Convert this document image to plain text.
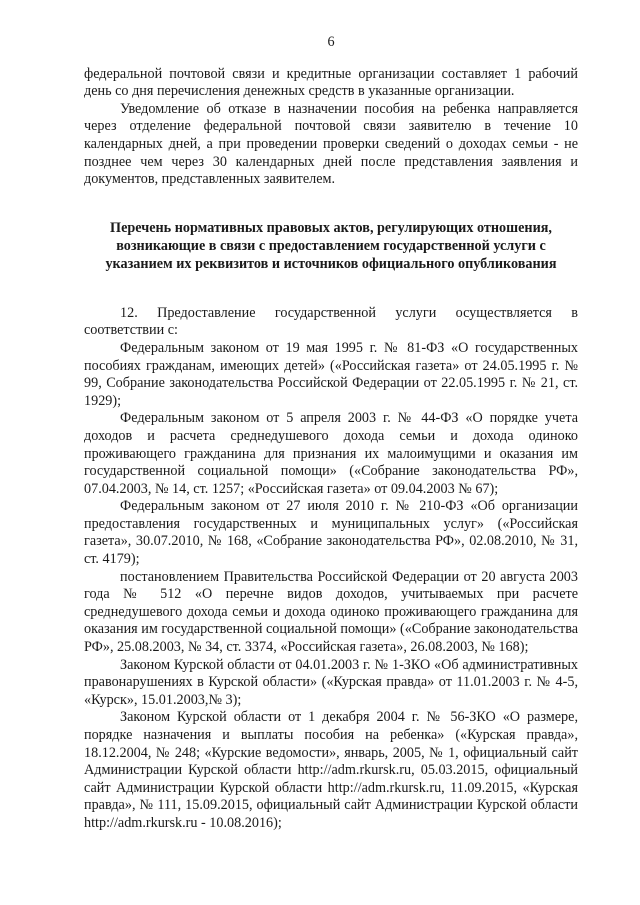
6

федеральной почтовой связи и кредитные организации составляет 1 рабочий день со дня перечисления денежных средств в указанные организации.

Уведомление об отказе в назначении пособия на ребенка направляется через отделение федеральной почтовой связи заявителю в течение 10 календарных дней, а при проведении проверки сведений о доходах семьи - не позднее чем через 30 календарных дней после представления заявления и документов, представленных заявителем.

Перечень нормативных правовых актов, регулирующих отношения, возникающие в связи с предоставлением государственной услуги с указанием их реквизитов и источников официального опубликования

12. Предоставление государственной услуги осуществляется в соответствии с:

Федеральным законом от 19 мая 1995 г. № 81-ФЗ «О государственных пособиях гражданам, имеющих детей» («Российская газета» от 24.05.1995 г. № 99, Собрание законодательства Российской Федерации от 22.05.1995 г. № 21, ст. 1929);

Федеральным законом от 5 апреля 2003 г. № 44-ФЗ «О порядке учета доходов и расчета среднедушевого дохода семьи и дохода одиноко проживающего гражданина для признания их малоимущими и оказания им государственной социальной помощи» («Собрание законодательства РФ», 07.04.2003, № 14, ст. 1257; «Российская газета» от 09.04.2003 № 67);

Федеральным законом от 27 июля 2010 г. № 210-ФЗ «Об организации предоставления государственных и муниципальных услуг» («Российская газета», 30.07.2010, № 168, «Собрание законодательства РФ», 02.08.2010, № 31, ст. 4179);

постановлением Правительства Российской Федерации от 20 августа 2003 года № 512 «О перечне видов доходов, учитываемых при расчете среднедушевого дохода семьи и дохода одиноко проживающего гражданина для оказания им государственной социальной помощи» («Собрание законодательства РФ», 25.08.2003, № 34, ст. 3374, «Российская газета», 26.08.2003, № 168);

Законом Курской области от 04.01.2003 г. № 1-ЗКО «Об административных правонарушениях в Курской области» («Курская правда» от 11.01.2003 г. № 4-5, «Курск», 15.01.2003,№ 3);

Законом Курской области от 1 декабря 2004 г. № 56-ЗКО «О размере, порядке назначения и выплаты пособия на ребенка» («Курская правда», 18.12.2004, № 248; «Курские ведомости», январь, 2005, № 1, официальный сайт Администрации Курской области http://adm.rkursk.ru, 05.03.2015, официальный сайт Администрации Курской области http://adm.rkursk.ru, 11.09.2015, «Курская правда», № 111, 15.09.2015, официальный сайт Администрации Курской области http://adm.rkursk.ru - 10.08.2016);
